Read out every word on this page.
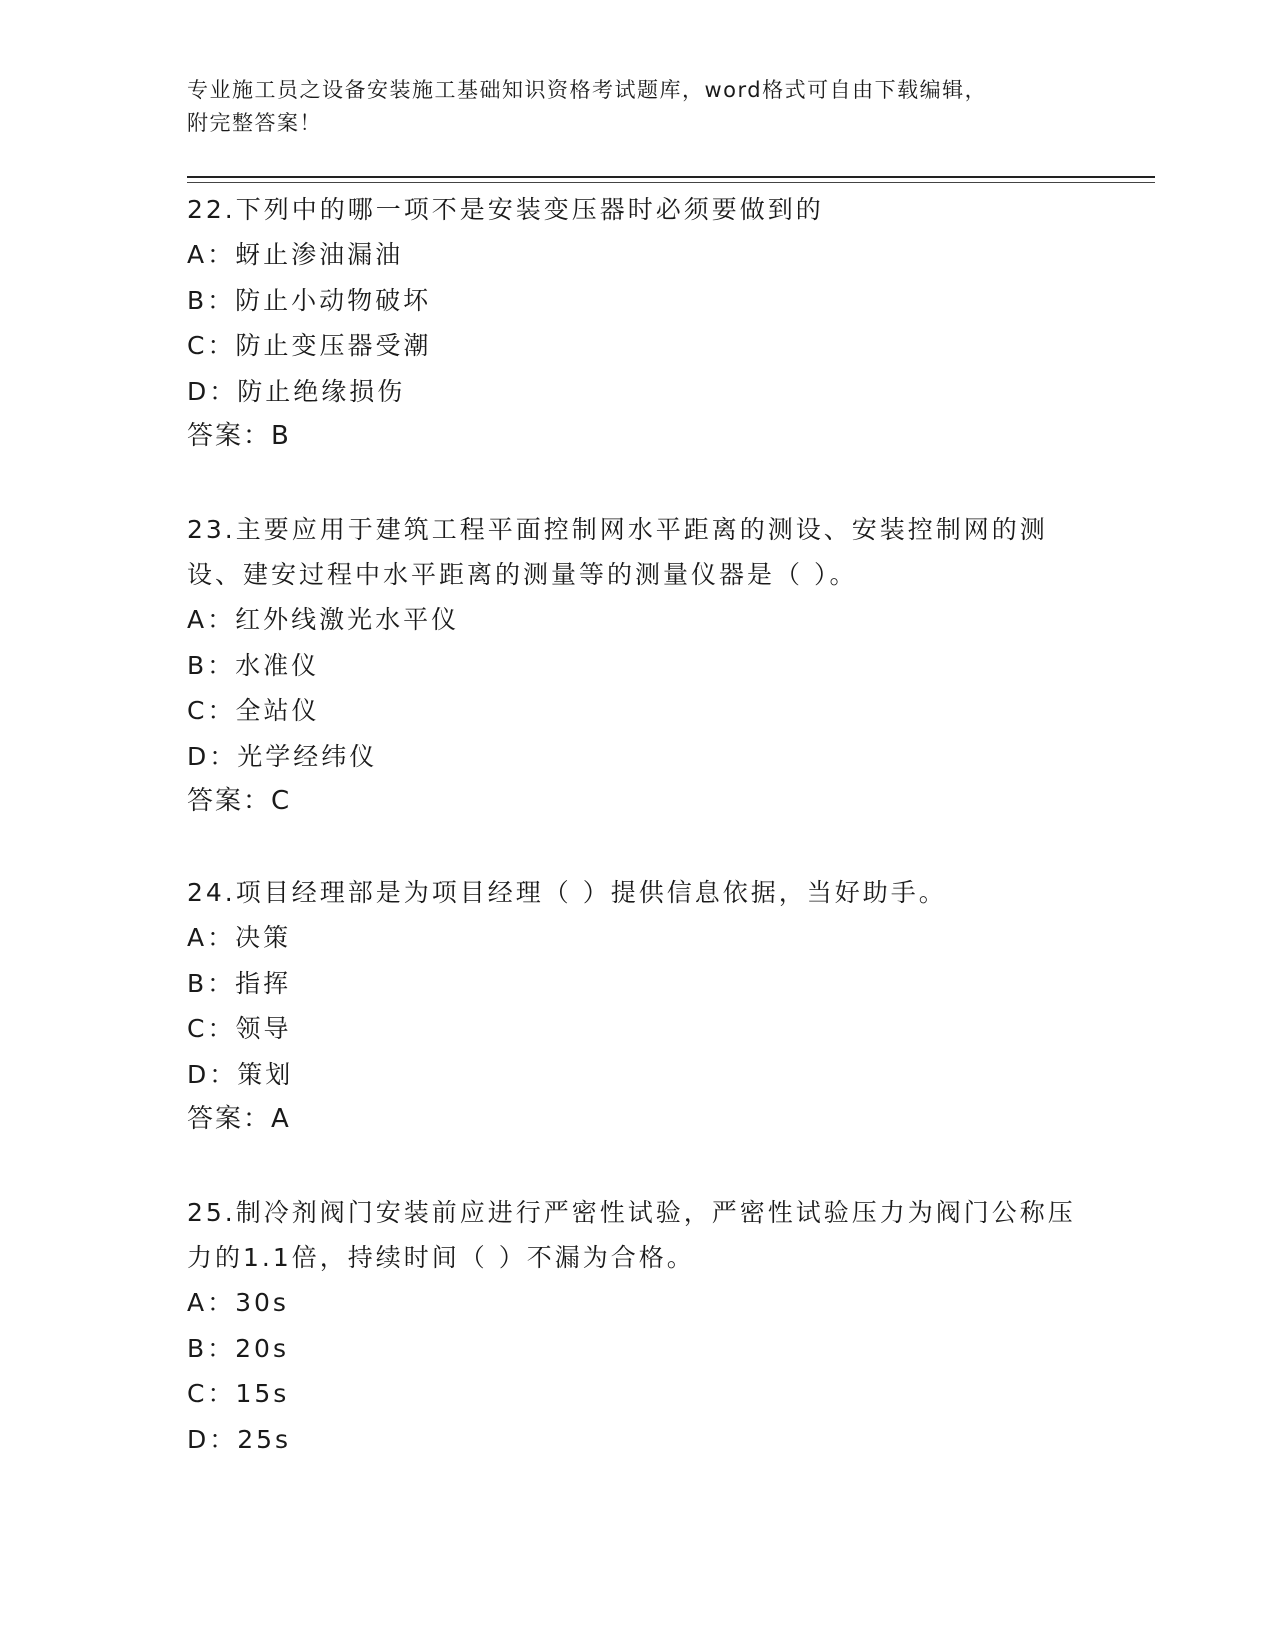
专业施工员之设备安装施工基础知识资格考试题库，word格式可自由下载编辑，
附完整答案！

22.下列中的哪一项不是安装变压器时必须要做到的

A：蚜止渗油漏油

B：防止小动物破坏

C：防止变压器受潮

D：防止绝缘损伤

答案：B

23.主要应用于建筑工程平面控制网水平距离的测设、安装控制网的测设、建安过程中水平距离的测量等的测量仪器是（ ）。

A：红外线激光水平仪

B：水准仪

C：全站仪

D：光学经纬仪

答案：C

24.项目经理部是为项目经理（ ）提供信息依据，当好助手。

A：决策

B：指挥

C：领导

D：策划

答案：A

25.制冷剂阀门安装前应进行严密性试验，严密性试验压力为阀门公称压力的1.1倍，持续时间（ ）不漏为合格。

A：30s

B：20s

C：15s

D：25s
